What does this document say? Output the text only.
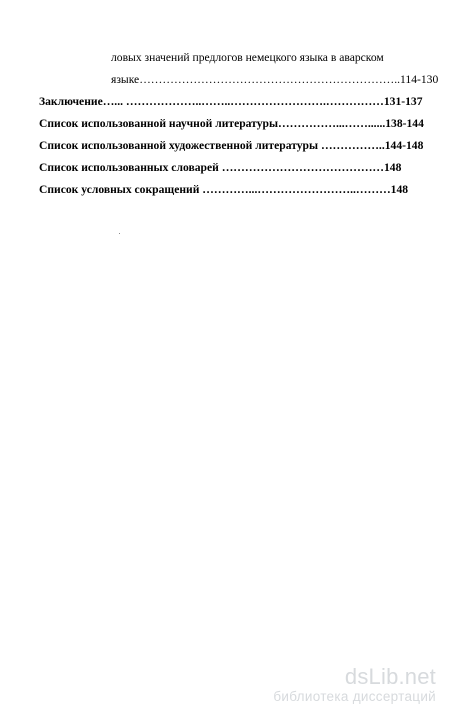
ловых значений предлогов немецкого языка в аварском
языке…………………………………………………………..114-130
Заключение…... ………………..……..…………………….……………131-137
Список использованной научной литературы……………...……......138-144
Список использованной художественной литературы ……………..144-148
Список использованных словарей ……………………………………148
Список условных сокращений …………...……………………..………148
dsLib.net
библиотека диссертаций
